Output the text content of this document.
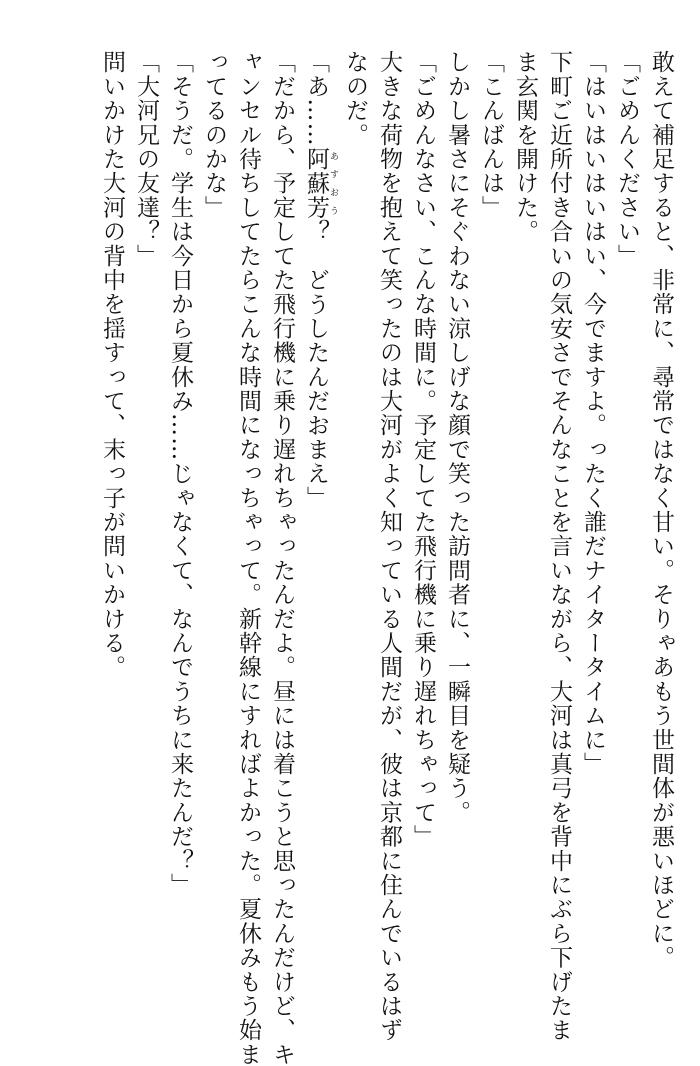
敢えて補足すると、非常に、尋常ではなく甘い。そりゃあもう世間体が悪いほどに。
「ごめんください」
「はいはいはいはい、今でますよ。ったく誰だナイタータイムに」
下町ご近所付き合いの気安さでそんなことを言いながら、大河は真弓を背中にぶら下げたま
ま玄関を開けた。
「こんばんは」
しかし暑さにそぐわない涼しげな顔で笑った訪問者に、一瞬目を疑う。
「ごめんなさい、こんな時間に。予定してた飛行機に乗り遅れちゃって」
大きな荷物を抱えて笑ったのは大河がよく知っている人間だが、彼は京都に住んでいるはず
なのだ。
「あ……阿蘇芳 あすおう？　どうしたんだおまえ」
「だから、予定してた飛行機に乗り遅れちゃったんだよ。昼には着こうと思ったんだけど、キ
ャンセル待ちしてたらこんな時間になっちゃって。新幹線にすればよかった。夏休みもう始ま
ってるのかな」
「そうだ。学生は今日から夏休み……じゃなくて、なんでうちに来たんだ？」
「大河兄の友達？」
問いかけた大河の背中を揺すって、末っ子が問いかける。
